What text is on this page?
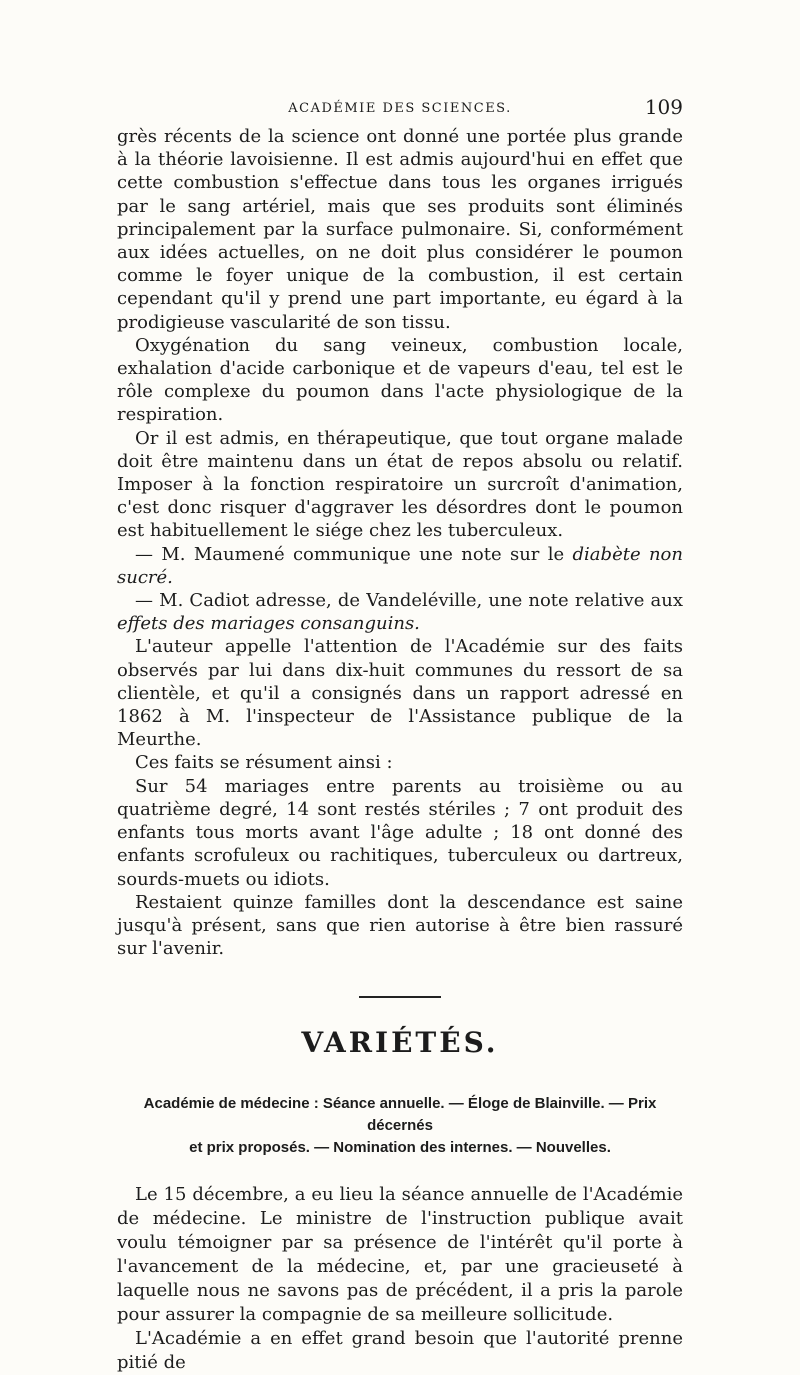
ACADÉMIE DES SCIENCES.	109

grès récents de la science ont donné une portée plus grande à la théorie lavoisienne. Il est admis aujourd'hui en effet que cette combustion s'effectue dans tous les organes irrigués par le sang artériel, mais que ses produits sont éliminés principalement par la surface pulmonaire. Si, conformément aux idées actuelles, on ne doit plus considérer le poumon comme le foyer unique de la combustion, il est certain cependant qu'il y prend une part importante, eu égard à la prodigieuse vascularité de son tissu.

Oxygénation du sang veineux, combustion locale, exhalation d'acide carbonique et de vapeurs d'eau, tel est le rôle complexe du poumon dans l'acte physiologique de la respiration.

Or il est admis, en thérapeutique, que tout organe malade doit être maintenu dans un état de repos absolu ou relatif. Imposer à la fonction respiratoire un surcroît d'animation, c'est donc risquer d'aggraver les désordres dont le poumon est habituellement le siége chez les tuberculeux.

— M. Maumené communique une note sur le diabète non sucré.

— M. Cadiot adresse, de Vandeléville, une note relative aux effets des mariages consanguins.

L'auteur appelle l'attention de l'Académie sur des faits observés par lui dans dix-huit communes du ressort de sa clientèle, et qu'il a consignés dans un rapport adressé en 1862 à M. l'inspecteur de l'Assistance publique de la Meurthe.

Ces faits se résument ainsi :

Sur 54 mariages entre parents au troisième ou au quatrième degré, 14 sont restés stériles ; 7 ont produit des enfants tous morts avant l'âge adulte ; 18 ont donné des enfants scrofuleux ou rachitiques, tuberculeux ou dartreux, sourds-muets ou idiots.

Restaient quinze familles dont la descendance est saine jusqu'à présent, sans que rien autorise à être bien rassuré sur l'avenir.

VARIÉTÉS.
Académie de médecine : Séance annuelle. — Éloge de Blainville. — Prix décernés
et prix proposés. — Nomination des internes. — Nouvelles.

Le 15 décembre, a eu lieu la séance annuelle de l'Académie de médecine. Le ministre de l'instruction publique avait voulu témoigner par sa présence de l'intérêt qu'il porte à l'avancement de la médecine, et, par une gracieuseté à laquelle nous ne savons pas de précédent, il a pris la parole pour assurer la compagnie de sa meilleure sollicitude.

L'Académie a en effet grand besoin que l'autorité prenne pitié de
